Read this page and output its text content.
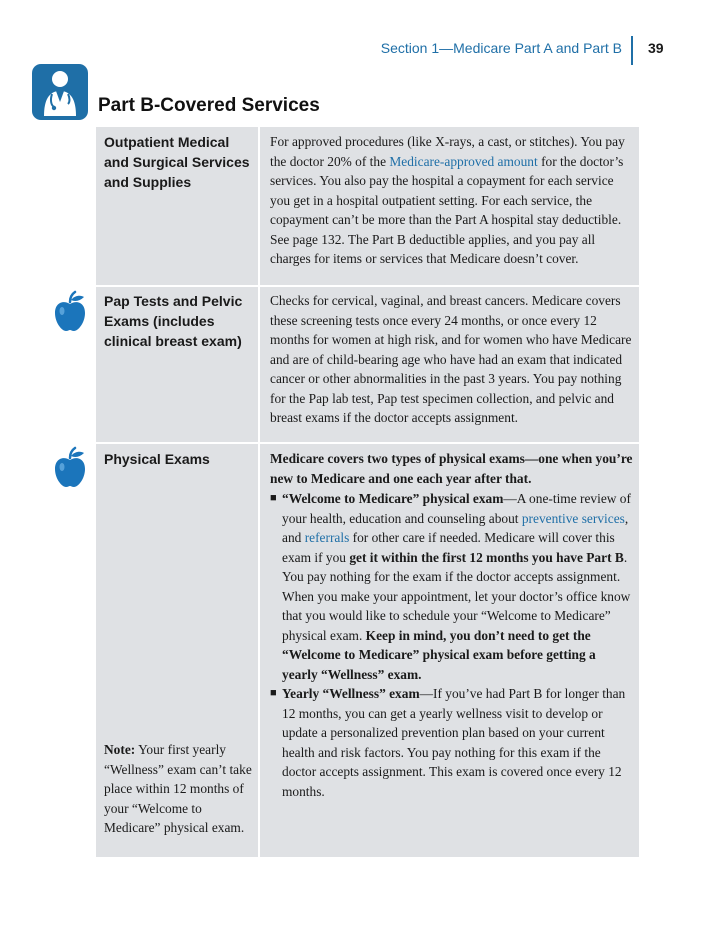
Section 1—Medicare Part A and Part B 39
Part B-Covered Services
Outpatient Medical and Surgical Services and Supplies
For approved procedures (like X-rays, a cast, or stitches). You pay the doctor 20% of the Medicare-approved amount for the doctor’s services. You also pay the hospital a copayment for each service you get in a hospital outpatient setting. For each service, the copayment can’t be more than the Part A hospital stay deductible. See page 132. The Part B deductible applies, and you pay all charges for items or services that Medicare doesn’t cover.
Pap Tests and Pelvic Exams (includes clinical breast exam)
Checks for cervical, vaginal, and breast cancers. Medicare covers these screening tests once every 24 months, or once every 12 months for women at high risk, and for women who have Medicare and are of child-bearing age who have had an exam that indicated cancer or other abnormalities in the past 3 years. You pay nothing for the Pap lab test, Pap test specimen collection, and pelvic and breast exams if the doctor accepts assignment.
Physical Exams	Medicare covers two types of physical exams—one when you’re new to Medicare and one each year after that.
■ “Welcome to Medicare” physical exam—A one-time review of your health, education and counseling about preventive services, and referrals for other care if needed. Medicare will cover this exam if you get it within the first 12 months you have Part B. You pay nothing for the exam if the doctor accepts assignment. When you make your appointment, let your doctor’s office know that you would like to schedule your “Welcome to Medicare” physical exam. Keep in mind, you don’t need to get the “Welcome to Medicare” physical exam before getting a yearly “Wellness” exam.
■ Yearly “Wellness” exam—If you’ve had Part B for longer than 12 months, you can get a yearly wellness visit to develop or update a personalized prevention plan based on your current health and risk factors. You pay nothing for this exam if the doctor accepts assignment. This exam is covered once every 12 months.
Note: Your first yearly “Wellness” exam can’t take place within 12 months of your “Welcome to Medicare” physical exam.
